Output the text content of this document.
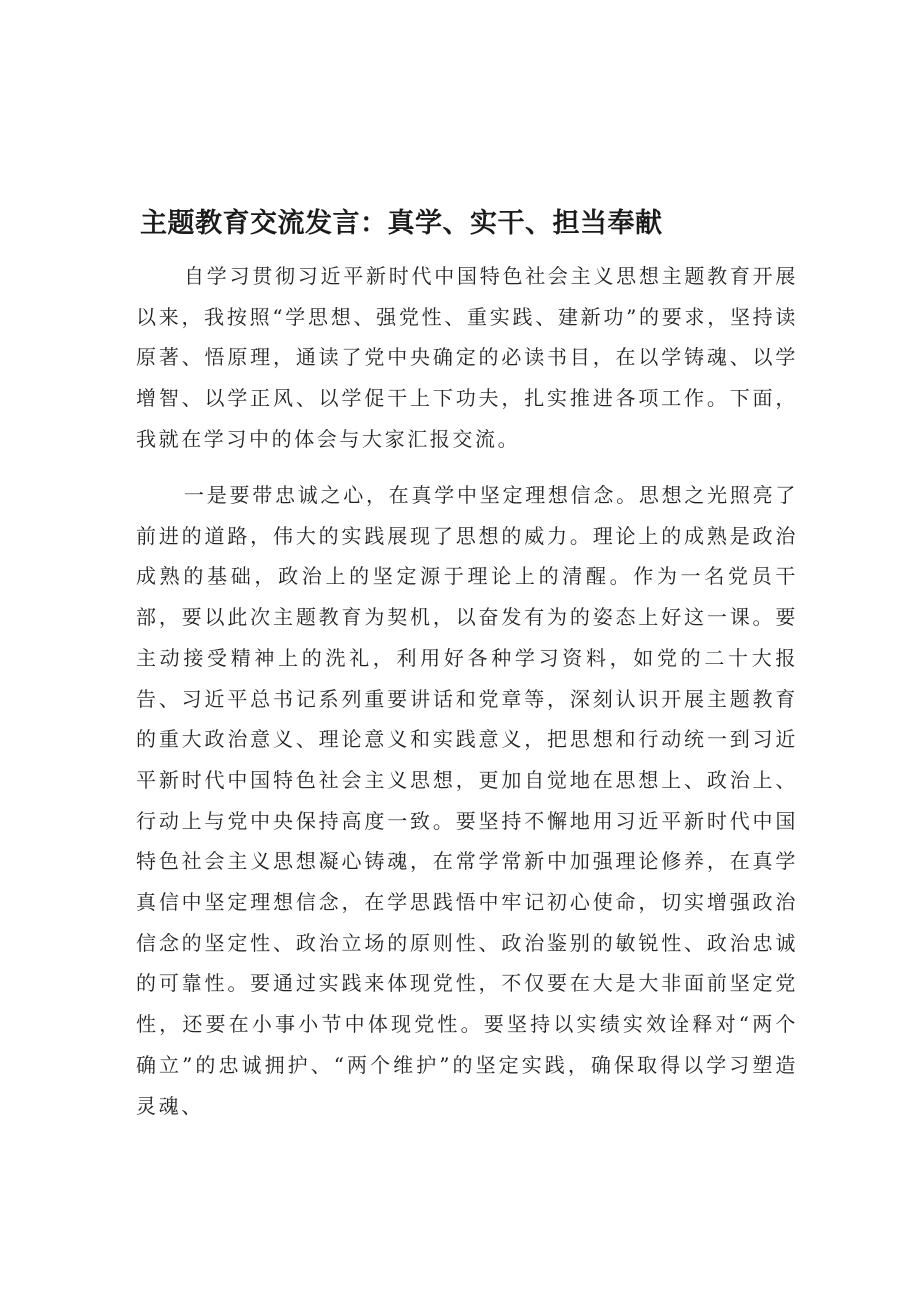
主题教育交流发言：真学、实干、担当奉献

自学习贯彻习近平新时代中国特色社会主义思想主题教育开展以来，我按照“学思想、强党性、重实践、建新功”的要求，坚持读原著、悟原理，通读了党中央确定的必读书目，在以学铸魂、以学增智、以学正风、以学促干上下功夫，扎实推进各项工作。下面，我就在学习中的体会与大家汇报交流。

一是要带忠诚之心，在真学中坚定理想信念。思想之光照亮了前进的道路，伟大的实践展现了思想的威力。理论上的成熟是政治成熟的基础，政治上的坚定源于理论上的清醒。作为一名党员干部，要以此次主题教育为契机，以奋发有为的姿态上好这一课。要主动接受精神上的洗礼，利用好各种学习资料，如党的二十大报告、习近平总书记系列重要讲话和党章等，深刻认识开展主题教育的重大政治意义、理论意义和实践意义，把思想和行动统一到习近平新时代中国特色社会主义思想，更加自觉地在思想上、政治上、行动上与党中央保持高度一致。要坚持不懈地用习近平新时代中国特色社会主义思想凝心铸魂，在常学常新中加强理论修养，在真学真信中坚定理想信念，在学思践悟中牢记初心使命，切实增强政治信念的坚定性、政治立场的原则性、政治鉴别的敏锐性、政治忠诚的可靠性。要通过实践来体现党性，不仅要在大是大非面前坚定党性，还要在小事小节中体现党性。要坚持以实绩实效诠释对“两个确立”的忠诚拥护、“两个维护”的坚定实践，确保取得以学习塑造灵魂、
